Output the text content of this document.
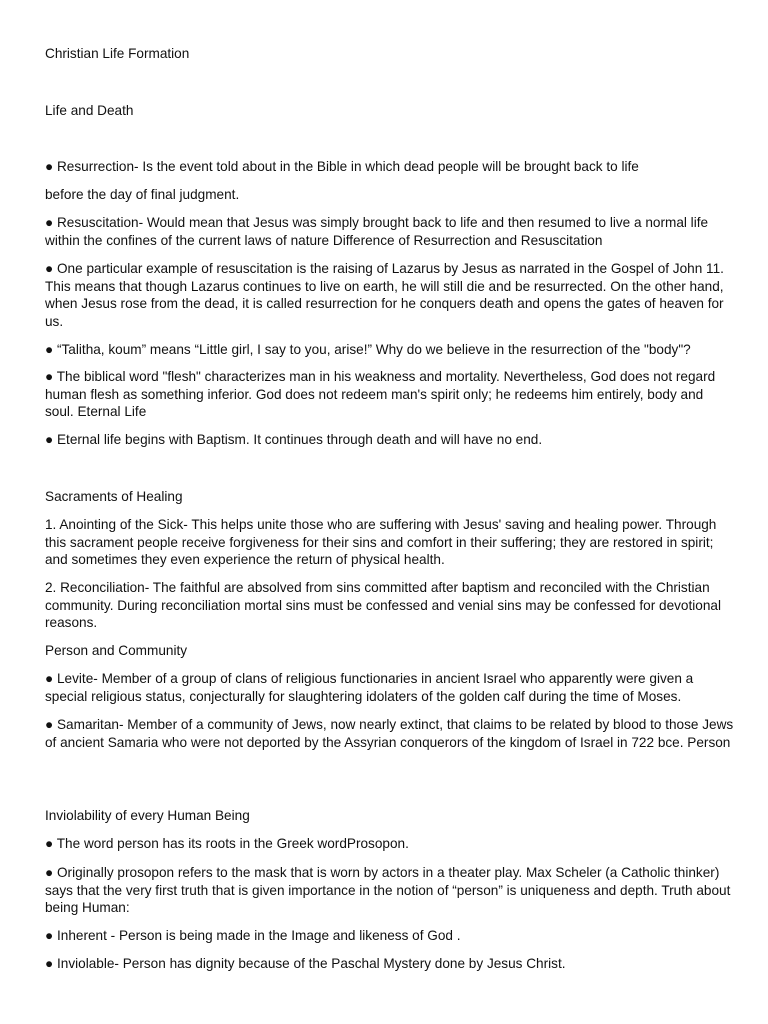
Christian Life Formation

Life and Death

● Resurrection- Is the event told about in the Bible in which dead people will be brought back to life

before the day of final judgment.

● Resuscitation- Would mean that Jesus was simply brought back to life and then resumed to live a normal life within the confines of the current laws of nature Difference of Resurrection and Resuscitation

● One particular example of resuscitation is the raising of Lazarus by Jesus as narrated in the Gospel of John 11. This means that though Lazarus continues to live on earth, he will still die and be resurrected. On the other hand, when Jesus rose from the dead, it is called resurrection for he conquers death and opens the gates of heaven for us.

● “Talitha, koum” means “Little girl, I say to you, arise!” Why do we believe in the resurrection of the "body"?

● The biblical word "flesh" characterizes man in his weakness and mortality. Nevertheless, God does not regard human flesh as something inferior. God does not redeem man's spirit only; he redeems him entirely, body and soul. Eternal Life

● Eternal life begins with Baptism. It continues through death and will have no end.

Sacraments of Healing

1. Anointing of the Sick- This helps unite those who are suffering with Jesus' saving and healing power. Through this sacrament people receive forgiveness for their sins and comfort in their suffering; they are restored in spirit; and sometimes they even experience the return of physical health.

2. Reconciliation- The faithful are absolved from sins committed after baptism and reconciled with the Christian community. During reconciliation mortal sins must be confessed and venial sins may be confessed for devotional reasons.

Person and Community

● Levite- Member of a group of clans of religious functionaries in ancient Israel who apparently were given a special religious status, conjecturally for slaughtering idolaters of the golden calf during the time of Moses.

● Samaritan- Member of a community of Jews, now nearly extinct, that claims to be related by blood to those Jews of ancient Samaria who were not deported by the Assyrian conquerors of the kingdom of Israel in 722 bce. Person

Inviolability of every Human Being

● The word person has its roots in the Greek wordProsopon.

● Originally prosopon refers to the mask that is worn by actors in a theater play. Max Scheler (a Catholic thinker) says that the very first truth that is given importance in the notion of “person” is uniqueness and depth. Truth about being Human:

● Inherent - Person is being made in the Image and likeness of God .

● Inviolable- Person has dignity because of the Paschal Mystery done by Jesus Christ.
